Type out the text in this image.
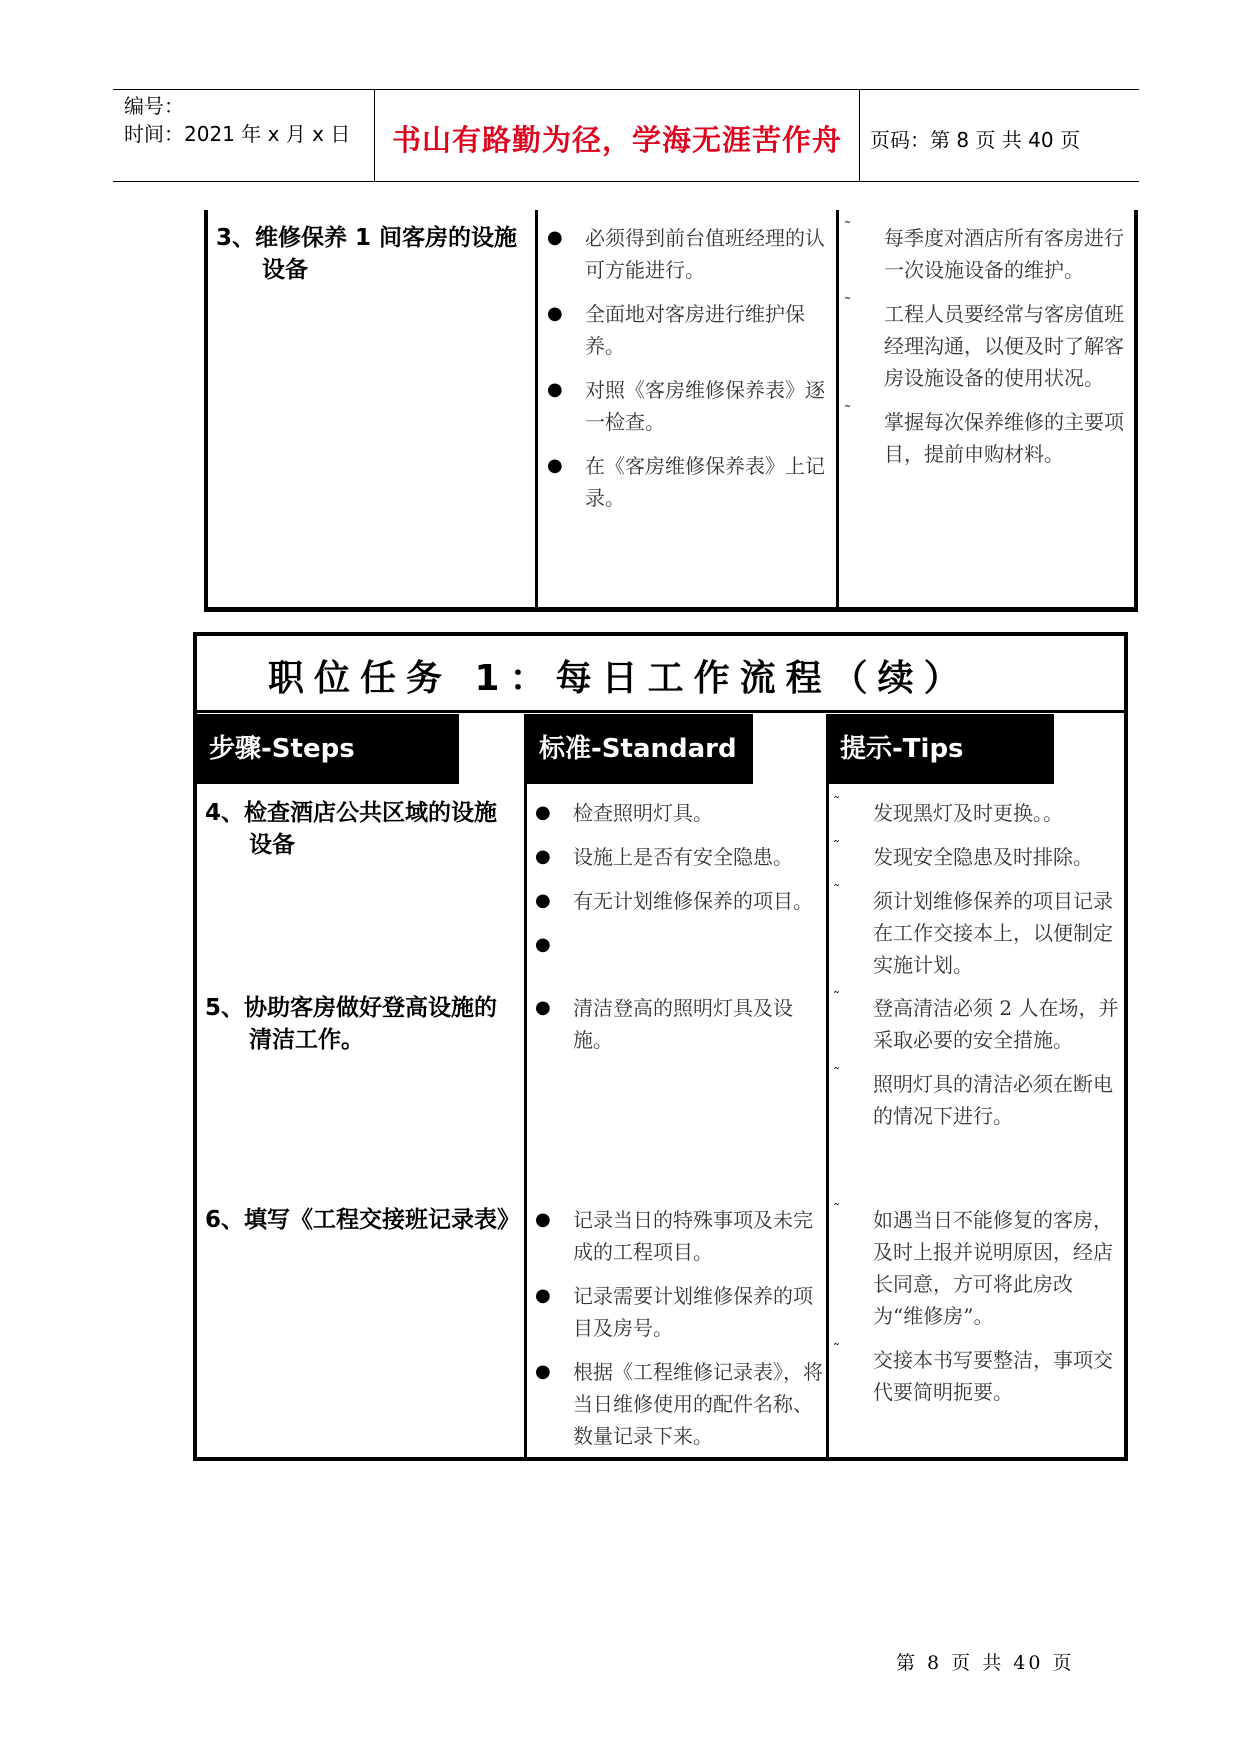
编号：
时间：2021 年 x 月 x 日	书山有路勤为径，学海无涯苦作舟	页码：第 8 页 共 40 页
3、维修保养 1 间客房的设施
设备
● 必须得到前台值班经理的认可方能进行。
● 全面地对客房进行维护保养。
● 对照《客房维修保养表》逐一检查。
● 在《客房维修保养表》上记录。
˜ 每季度对酒店所有客房进行一次设施设备的维护。
˜ 工程人员要经常与客房值班经理沟通，以便及时了解客房设施设备的使用状况。
˜ 掌握每次保养维修的主要项目，提前申购材料。
职位任务 1：每日工作流程（续）
步骤-Steps	标准-Standard	提示-Tips
4、检查酒店公共区域的设施
设备
● 检查照明灯具。
● 设施上是否有安全隐患。
● 有无计划维修保养的项目。
●
˜ 发现黑灯及时更换。。
˜ 发现安全隐患及时排除。
˜ 须计划维修保养的项目记录在工作交接本上，以便制定实施计划。
5、协助客房做好登高设施的
清洁工作。
● 清洁登高的照明灯具及设施。
˜ 登高清洁必须 2 人在场，并采取必要的安全措施。
˜ 照明灯具的清洁必须在断电的情况下进行。
6、填写《工程交接班记录表》 ● 记录当日的特殊事项及未完成的工程项目。
● 记录需要计划维修保养的项目及房号。
● 根据《工程维修记录表》，将当日维修使用的配件名称、数量记录下来。
˜ 如遇当日不能修复的客房，及时上报并说明原因，经店长同意，方可将此房改为“维修房”。
˜ 交接本书写要整洁，事项交代要简明扼要。
第 8 页 共 40 页
